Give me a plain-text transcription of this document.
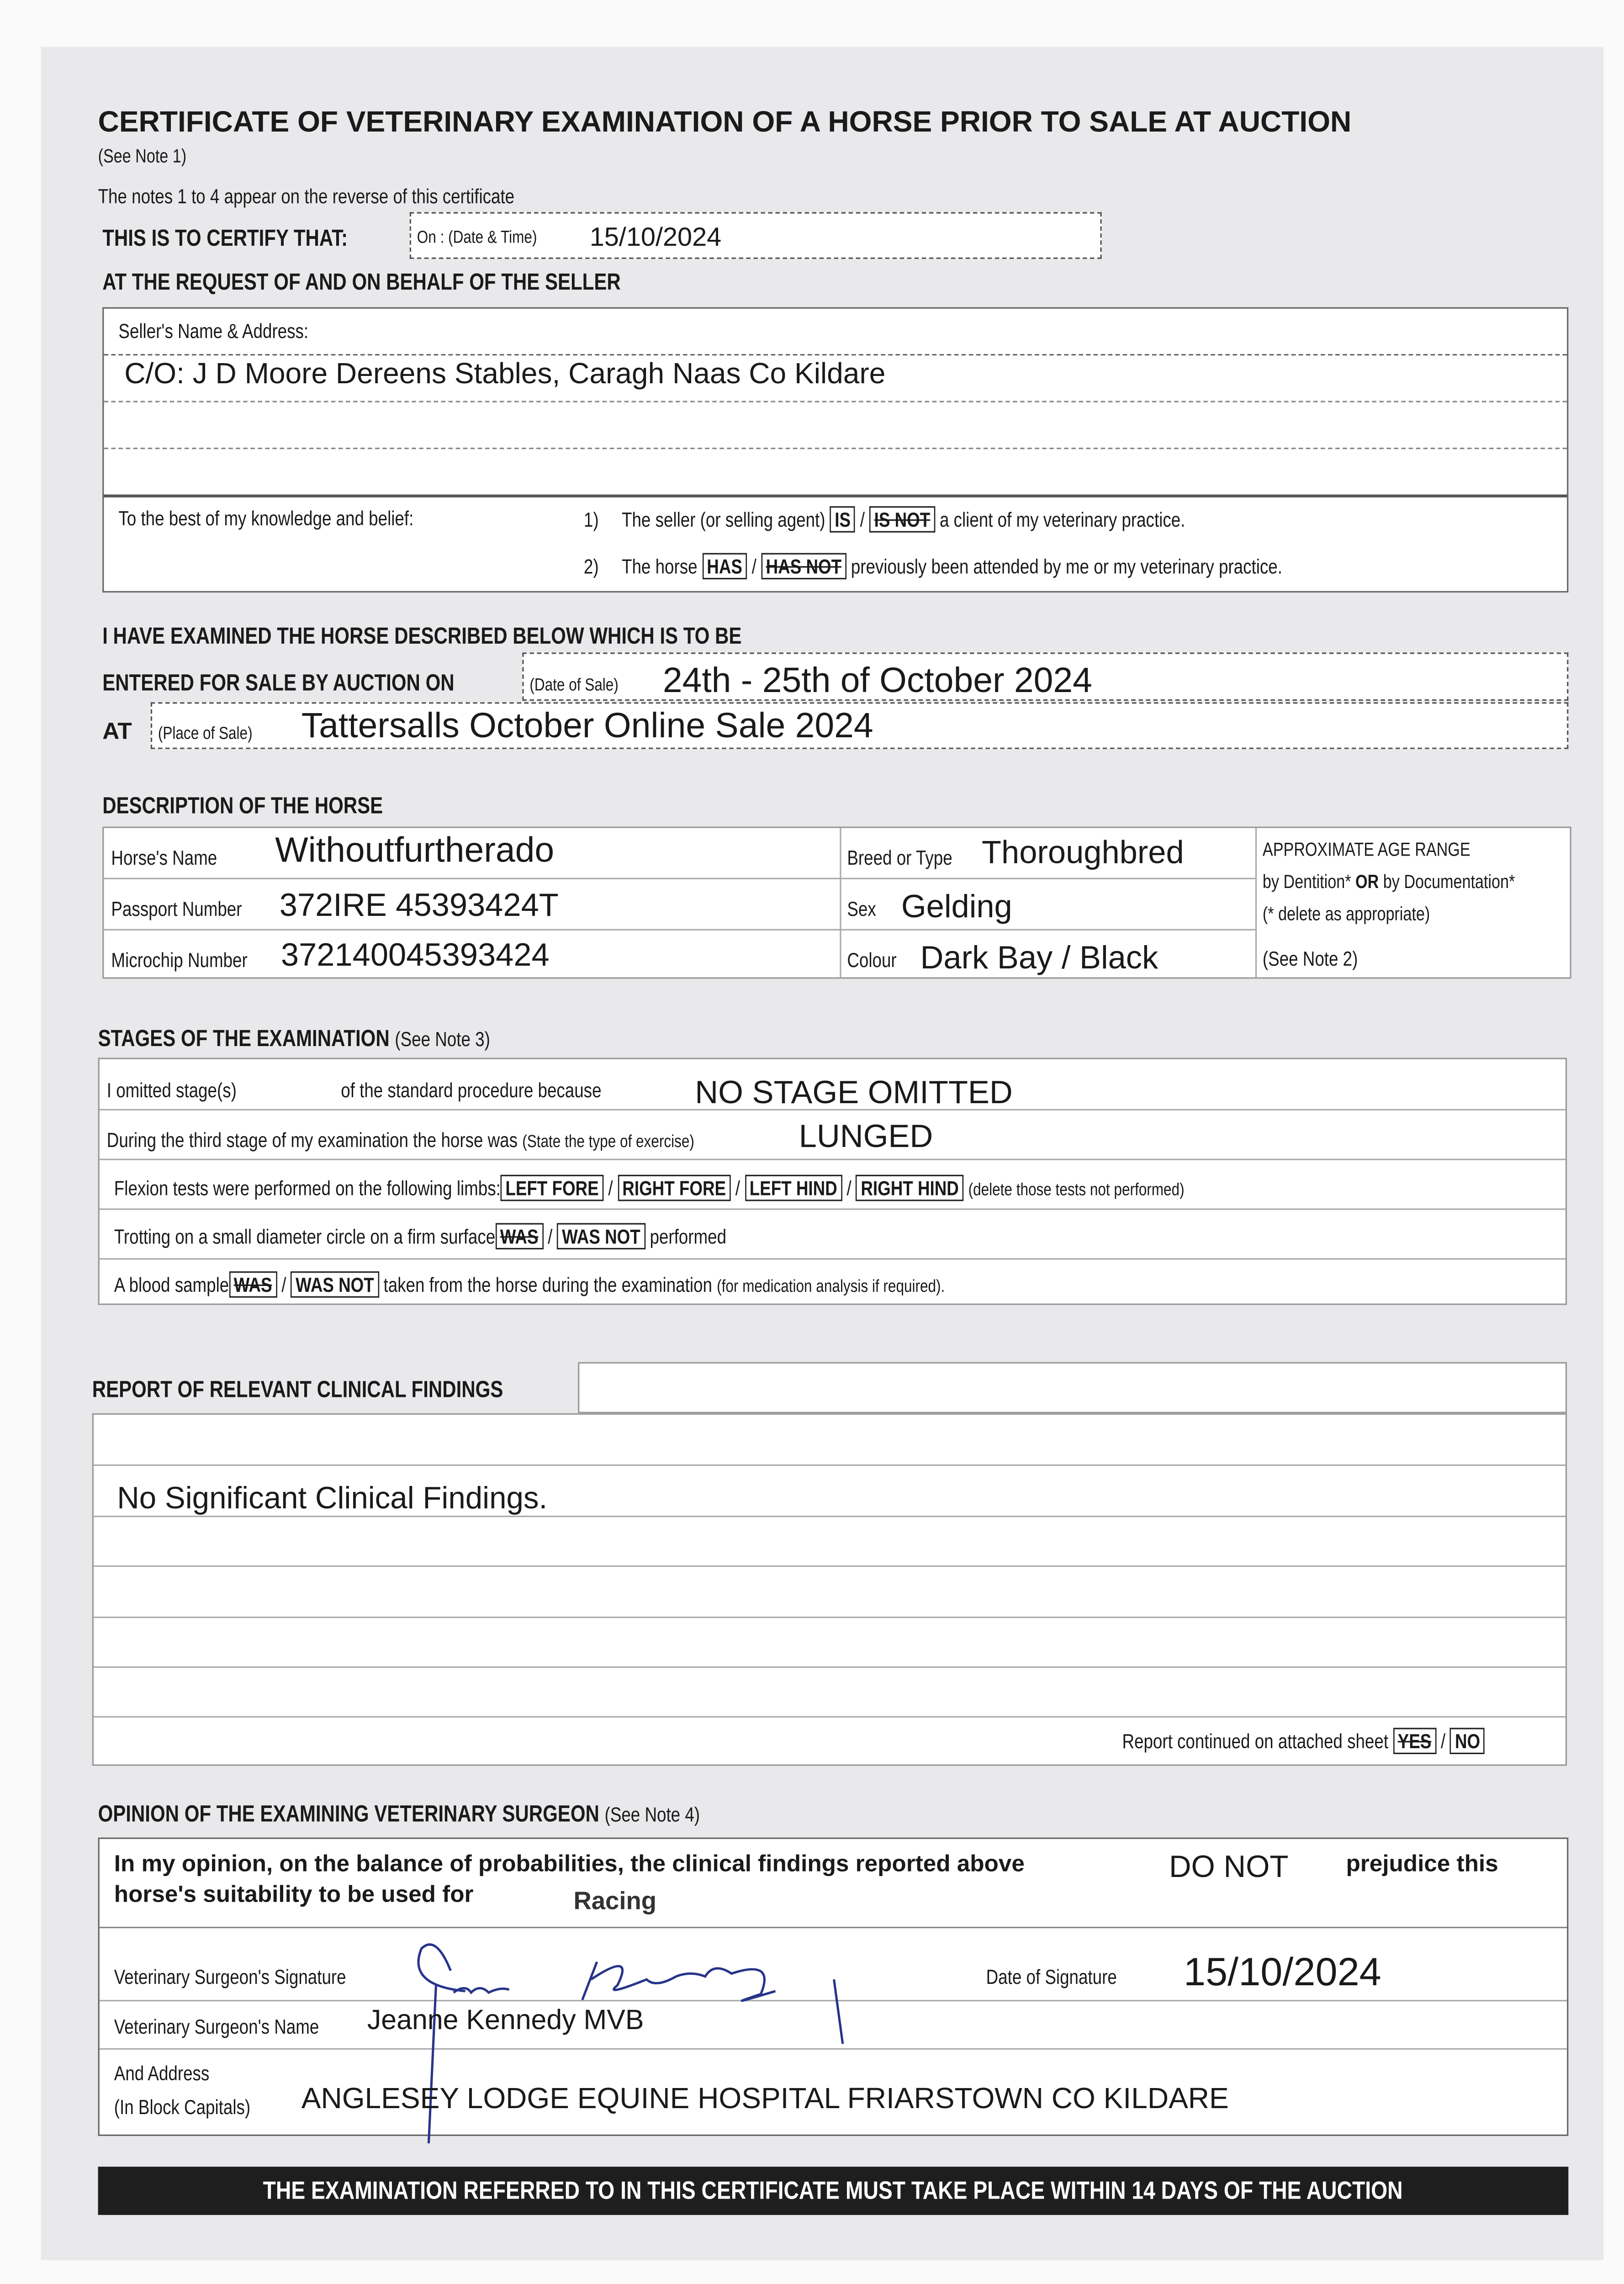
CERTIFICATE OF VETERINARY EXAMINATION OF A HORSE PRIOR TO SALE AT AUCTION
(See Note 1)
The notes 1 to 4 appear on the reverse of this certificate
THIS IS TO CERTIFY THAT:	On : (Date & Time)	15/10/2024
AT THE REQUEST OF AND ON BEHALF OF THE SELLER
Seller's Name & Address:
C/O: J D Moore Dereens Stables, Caragh Naas Co Kildare
To the best of my knowledge and belief:	1)	The seller (or selling agent) IS / IS NOT a client of my veterinary practice.
2)	The horse HAS / HAS NOT previously been attended by me or my veterinary practice.
I HAVE EXAMINED THE HORSE DESCRIBED BELOW WHICH IS TO BE
ENTERED FOR SALE BY AUCTION ON	(Date of Sale)	24th - 25th of October 2024
AT	(Place of Sale)	Tattersalls October Online Sale 2024
DESCRIPTION OF THE HORSE
Horse's Name	Withoutfurtherado
Passport Number	372IRE 45393424T
Microchip Number	372140045393424
Breed or Type	Thoroughbred
Sex	Gelding
Colour Dark Bay / Black
APPROXIMATE AGE RANGE
by Dentition* OR by Documentation*
(* delete as appropriate)
(See Note 2)
STAGES OF THE EXAMINATION (See Note 3)
I omitted stage(s)	of the standard procedure because	NO STAGE OMITTED
During the third stage of my examination the horse was (State the type of exercise)	LUNGED
Flexion tests were performed on the following limbs: LEFT FORE / RIGHT FORE / LEFT HIND / RIGHT HIND (delete those tests not performed)
Trotting on a small diameter circle on a firm surface WAS / WAS NOT performed
A blood sample WAS / WAS NOT taken from the horse during the examination (for medication analysis if required).
REPORT OF RELEVANT CLINICAL FINDINGS
No Significant Clinical Findings.
Report continued on attached sheet YES / NO
OPINION OF THE EXAMINING VETERINARY SURGEON (See Note 4)
In my opinion, on the balance of probabilities, the clinical findings reported above	DO NOT	prejudice this
horse's suitability to be used for	Racing
Veterinary Surgeon's Signature	Date of Signature	15/10/2024
Veterinary Surgeon's Name	Jeanne Kennedy MVB
And Address
(In Block Capitals)	ANGLESEY LODGE EQUINE HOSPITAL FRIARSTOWN CO KILDARE
THE EXAMINATION REFERRED TO IN THIS CERTIFICATE MUST TAKE PLACE WITHIN 14 DAYS OF THE AUCTION
